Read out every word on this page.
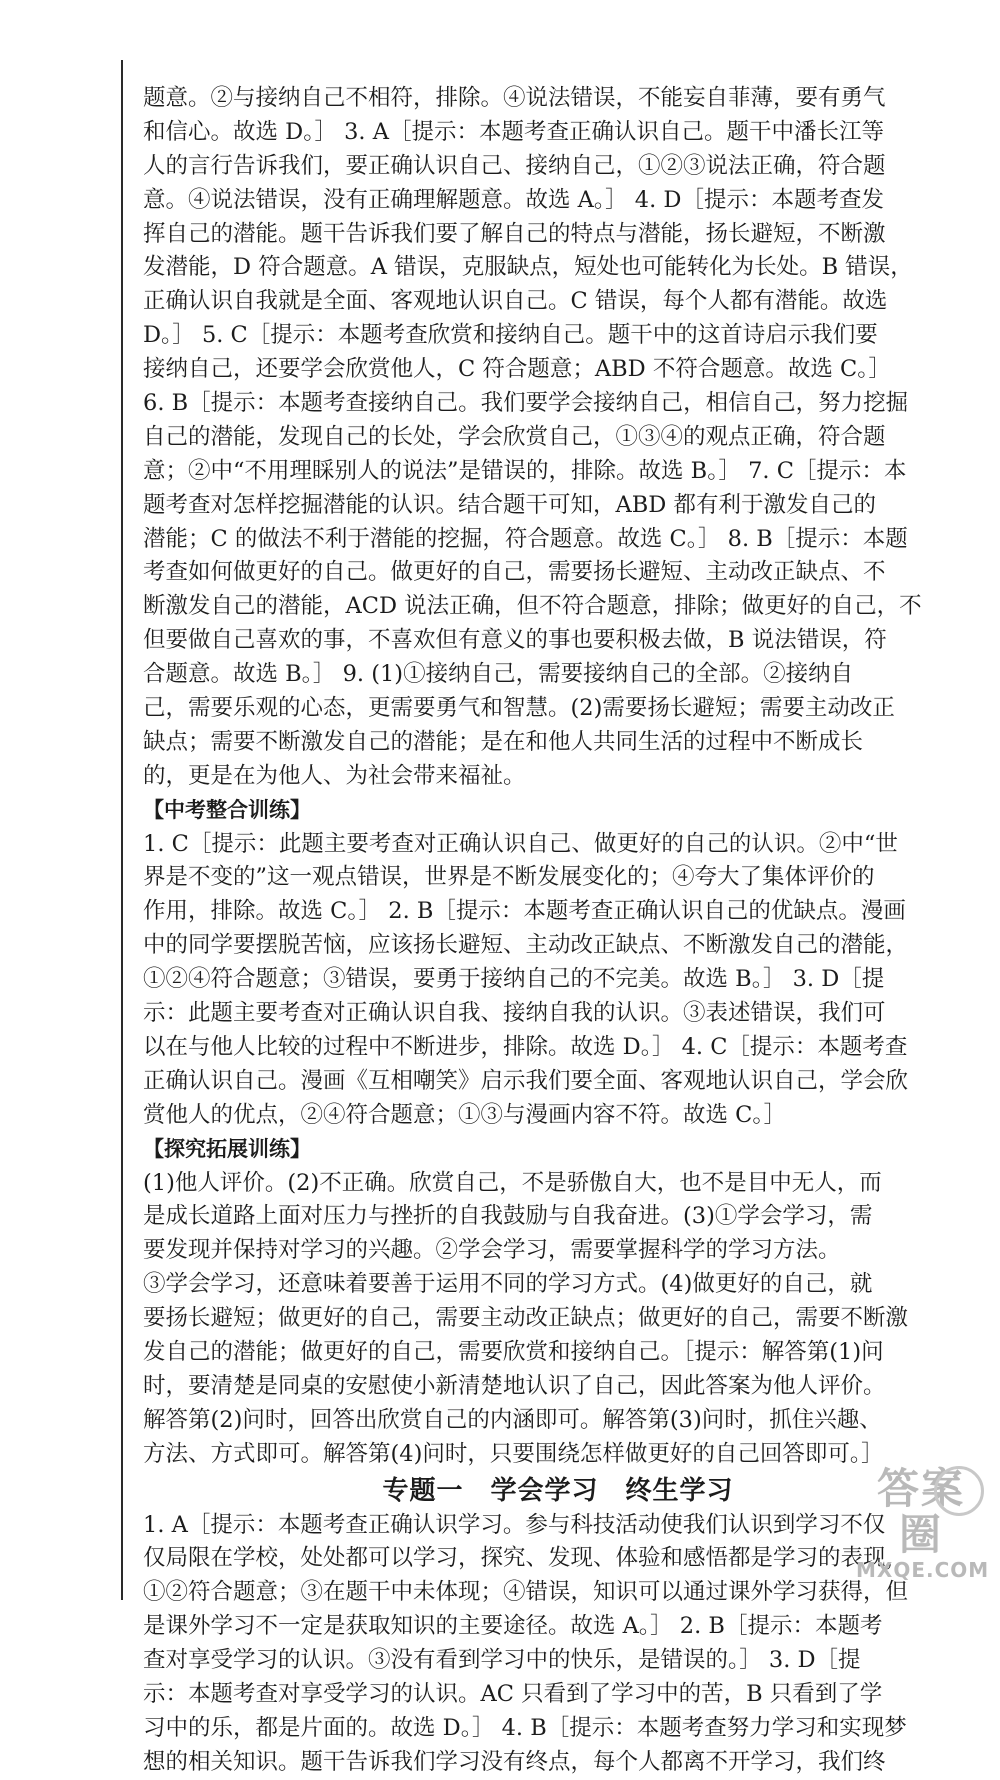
题意。②与接纳自己不相符，排除。④说法错误，不能妄自菲薄，要有勇气
和信心。故选 D。］ 3. A［提示：本题考查正确认识自己。题干中潘长江等
人的言行告诉我们，要正确认识自己、接纳自己，①②③说法正确，符合题
意。④说法错误，没有正确理解题意。故选 A。］ 4. D［提示：本题考查发
挥自己的潜能。题干告诉我们要了解自己的特点与潜能，扬长避短，不断激
发潜能，D 符合题意。A 错误，克服缺点，短处也可能转化为长处。B 错误，
正确认识自我就是全面、客观地认识自己。C 错误，每个人都有潜能。故选
D。］ 5. C［提示：本题考查欣赏和接纳自己。题干中的这首诗启示我们要
接纳自己，还要学会欣赏他人，C 符合题意；ABD 不符合题意。故选 C。］
6. B［提示：本题考查接纳自己。我们要学会接纳自己，相信自己，努力挖掘
自己的潜能，发现自己的长处，学会欣赏自己，①③④的观点正确，符合题
意；②中“不用理睬别人的说法”是错误的，排除。故选 B。］ 7. C［提示：本
题考查对怎样挖掘潜能的认识。结合题干可知，ABD 都有利于激发自己的
潜能；C 的做法不利于潜能的挖掘，符合题意。故选 C。］ 8. B［提示：本题
考查如何做更好的自己。做更好的自己，需要扬长避短、主动改正缺点、不
断激发自己的潜能，ACD 说法正确，但不符合题意，排除；做更好的自己，不
但要做自己喜欢的事，不喜欢但有意义的事也要积极去做，B 说法错误，符
合题意。故选 B。］ 9. (1)①接纳自己，需要接纳自己的全部。②接纳自
己，需要乐观的心态，更需要勇气和智慧。(2)需要扬长避短；需要主动改正
缺点；需要不断激发自己的潜能；是在和他人共同生活的过程中不断成长
的，更是在为他人、为社会带来福祉。
【中考整合训练】
1. C［提示：此题主要考查对正确认识自己、做更好的自己的认识。②中“世
界是不变的”这一观点错误，世界是不断发展变化的；④夸大了集体评价的
作用，排除。故选 C。］ 2. B［提示：本题考查正确认识自己的优缺点。漫画
中的同学要摆脱苦恼，应该扬长避短、主动改正缺点、不断激发自己的潜能，
①②④符合题意；③错误，要勇于接纳自己的不完美。故选 B。］ 3. D［提
示：此题主要考查对正确认识自我、接纳自我的认识。③表述错误，我们可
以在与他人比较的过程中不断进步，排除。故选 D。］ 4. C［提示：本题考查
正确认识自己。漫画《互相嘲笑》启示我们要全面、客观地认识自己，学会欣
赏他人的优点，②④符合题意；①③与漫画内容不符。故选 C。］
【探究拓展训练】
(1)他人评价。(2)不正确。欣赏自己，不是骄傲自大，也不是目中无人，而
是成长道路上面对压力与挫折的自我鼓励与自我奋进。(3)①学会学习，需
要发现并保持对学习的兴趣。②学会学习，需要掌握科学的学习方法。
③学会学习，还意味着要善于运用不同的学习方式。(4)做更好的自己，就
要扬长避短；做更好的自己，需要主动改正缺点；做更好的自己，需要不断激
发自己的潜能；做更好的自己，需要欣赏和接纳自己。［提示：解答第(1)问
时，要清楚是同桌的安慰使小新清楚地认识了自己，因此答案为他人评价。
解答第(2)问时，回答出欣赏自己的内涵即可。解答第(3)问时，抓住兴趣、
方法、方式即可。解答第(4)问时，只要围绕怎样做更好的自己回答即可。］
专题一　学会学习　终生学习
1. A［提示：本题考查正确认识学习。参与科技活动使我们认识到学习不仅
仅局限在学校，处处都可以学习，探究、发现、体验和感悟都是学习的表现，
①②符合题意；③在题干中未体现；④错误，知识可以通过课外学习获得，但
是课外学习不一定是获取知识的主要途径。故选 A。］ 2. B［提示：本题考
查对享受学习的认识。③没有看到学习中的快乐，是错误的。］ 3. D［提
示：本题考查对享受学习的认识。AC 只看到了学习中的苦，B 只看到了学
习中的乐，都是片面的。故选 D。］ 4. B［提示：本题考查努力学习和实现梦
想的相关知识。题干告诉我们学习没有终点，每个人都离不开学习，我们终
答案圈
MXQE.COM
